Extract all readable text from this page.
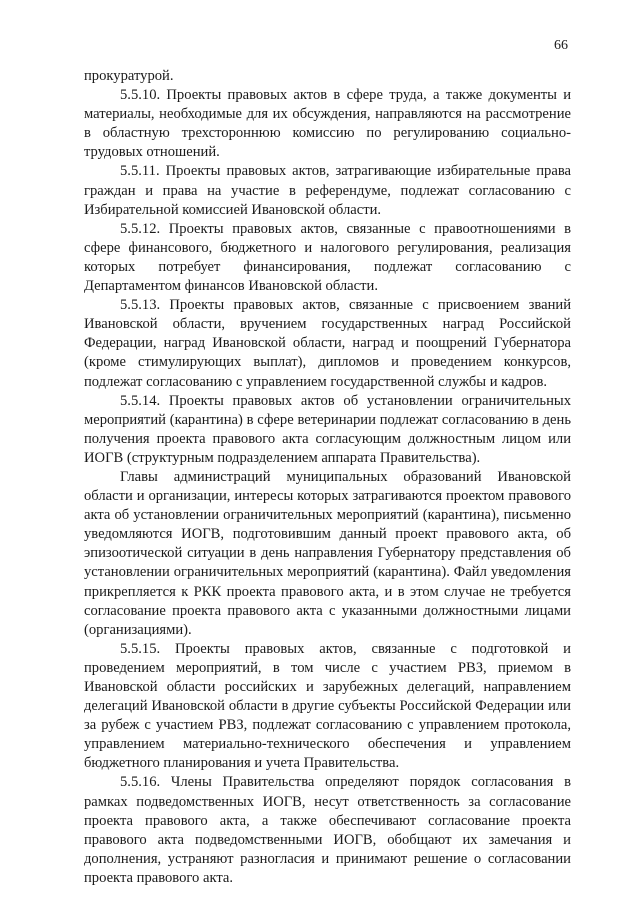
66

прокуратурой.

5.5.10. Проекты правовых актов в сфере труда, а также документы и материалы, необходимые для их обсуждения, направляются на рассмотрение в областную трехстороннюю комиссию по регулированию социально-трудовых отношений.

5.5.11. Проекты правовых актов, затрагивающие избирательные права граждан и права на участие в референдуме, подлежат согласованию с Избирательной комиссией Ивановской области.

5.5.12. Проекты правовых актов, связанные с правоотношениями в сфере финансового, бюджетного и налогового регулирования, реализация которых потребует финансирования, подлежат согласованию с Департаментом финансов Ивановской области.

5.5.13. Проекты правовых актов, связанные с присвоением званий Ивановской области, вручением государственных наград Российской Федерации, наград Ивановской области, наград и поощрений Губернатора (кроме стимулирующих выплат), дипломов и проведением конкурсов, подлежат согласованию с управлением государственной службы и кадров.

5.5.14. Проекты правовых актов об установлении ограничительных мероприятий (карантина) в сфере ветеринарии подлежат согласованию в день получения проекта правового акта согласующим должностным лицом или ИОГВ (структурным подразделением аппарата Правительства).

Главы администраций муниципальных образований Ивановской области и организации, интересы которых затрагиваются проектом правового акта об установлении ограничительных мероприятий (карантина), письменно уведомляются ИОГВ, подготовившим данный проект правового акта, об эпизоотической ситуации в день направления Губернатору представления об установлении ограничительных мероприятий (карантина). Файл уведомления прикрепляется к РКК проекта правового акта, и в этом случае не требуется согласование проекта правового акта с указанными должностными лицами (организациями).

5.5.15. Проекты правовых актов, связанные с подготовкой и проведением мероприятий, в том числе с участием РВЗ, приемом в Ивановской области российских и зарубежных делегаций, направлением делегаций Ивановской области в другие субъекты Российской Федерации или за рубеж с участием РВЗ, подлежат согласованию с управлением протокола, управлением материально-технического обеспечения и управлением бюджетного планирования и учета Правительства.

5.5.16. Члены Правительства определяют порядок согласования в рамках подведомственных ИОГВ, несут ответственность за согласование проекта правового акта, а также обеспечивают согласование проекта правового акта подведомственными ИОГВ, обобщают их замечания и дополнения, устраняют разногласия и принимают решение о согласовании проекта правового акта.
